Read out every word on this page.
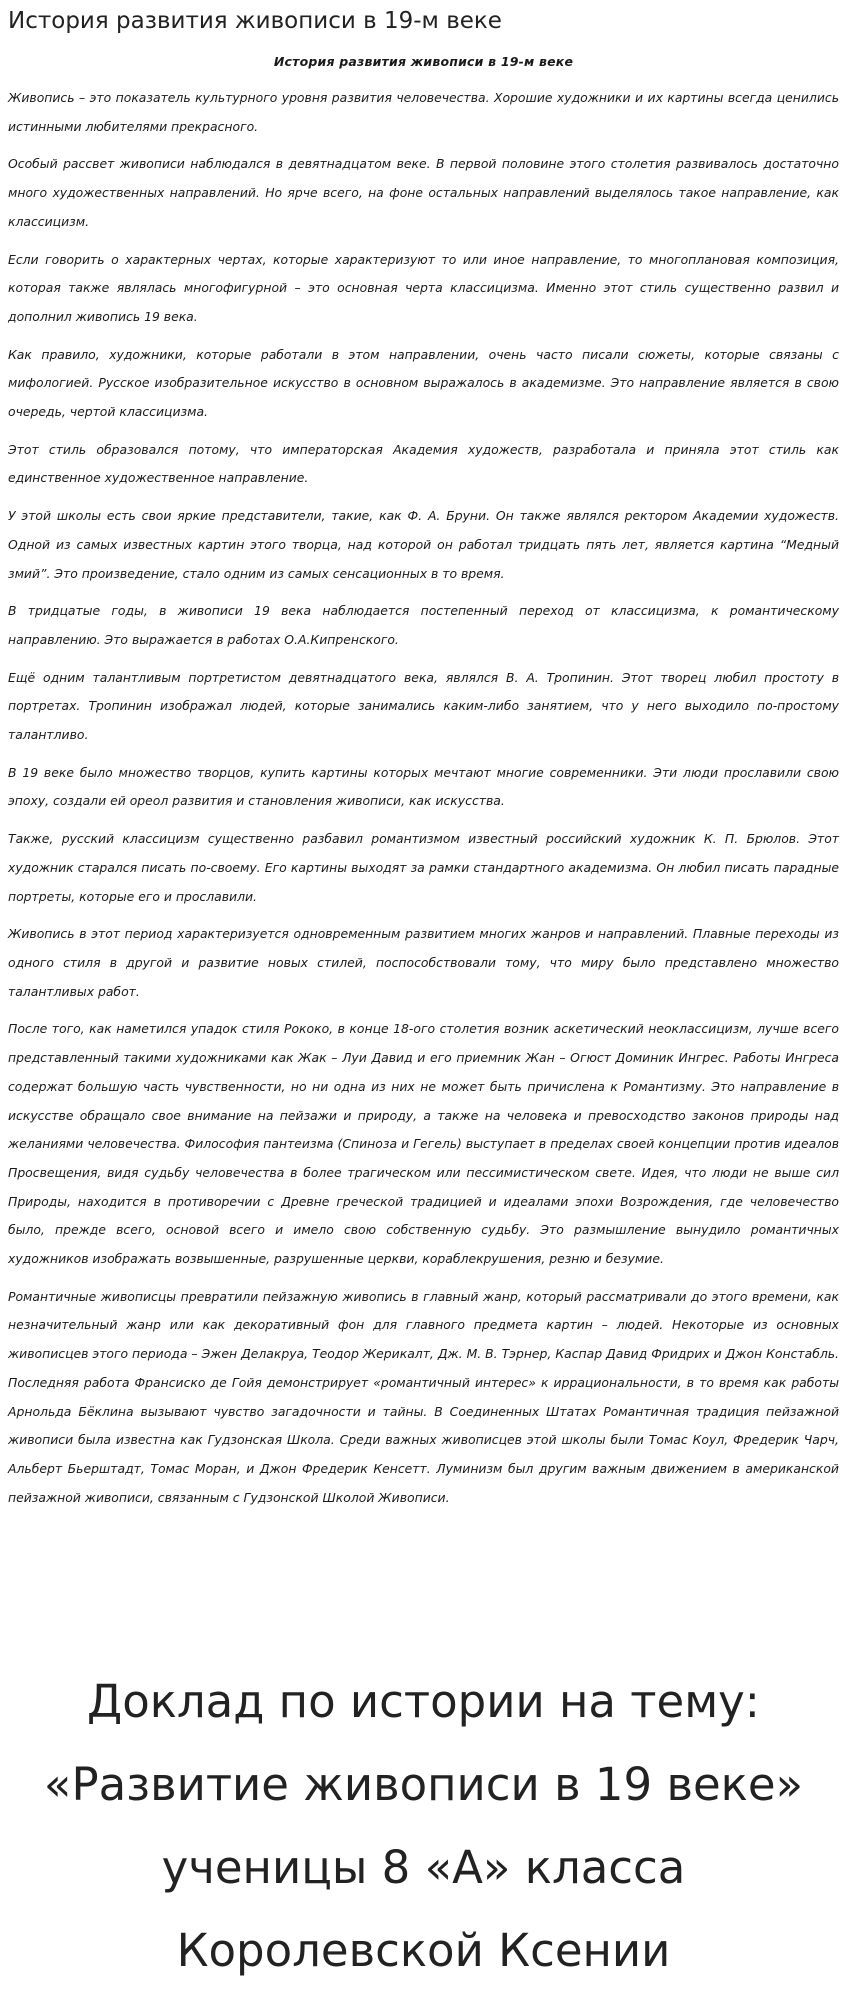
История развития живописи в 19-м веке
История развития живописи в 19-м веке

Живопись – это показатель культурного уровня развития человечества. Хорошие художники и их картины всегда ценились истинными любителями прекрасного.

Особый рассвет живописи наблюдался в девятнадцатом веке. В первой половине этого столетия развивалось достаточно много художественных направлений. Но ярче всего, на фоне остальных направлений выделялось такое направление, как классицизм.

Если говорить о характерных чертах, которые характеризуют то или иное направление, то многоплановая композиция, которая также являлась многофигурной – это основная черта классицизма. Именно этот стиль существенно развил и дополнил живопись 19 века.

Как правило, художники, которые работали в этом направлении, очень часто писали сюжеты, которые связаны с мифологией. Русское изобразительное искусство в основном выражалось в академизме. Это направление является в свою очередь, чертой классицизма.

Этот стиль образовался потому, что императорская Академия художеств, разработала и приняла этот стиль как единственное художественное направление.

У этой школы есть свои яркие представители, такие, как Ф. А. Бруни. Он также являлся ректором Академии художеств. Одной из самых известных картин этого творца, над которой он работал тридцать пять лет, является картина “Медный змий”. Это произведение, стало одним из самых сенсационных в то время.

В тридцатые годы, в живописи 19 века наблюдается постепенный переход от классицизма, к романтическому направлению. Это выражается в работах О.А.Кипренского.

Ещё одним талантливым портретистом девятнадцатого века, являлся В. А. Тропинин. Этот творец любил простоту в портретах. Тропинин изображал людей, которые занимались каким-либо занятием, что у него выходило по-простому талантливо.

В 19 веке было множество творцов, купить картины которых мечтают многие современники. Эти люди прославили свою эпоху, создали ей ореол развития и становления живописи, как искусства.

Также, русский классицизм существенно разбавил романтизмом известный российский художник К. П. Брюлов. Этот художник старался писать по-своему. Его картины выходят за рамки стандартного академизма. Он любил писать парадные портреты, которые его и прославили.

Живопись в этот период характеризуется одновременным развитием многих жанров и направлений. Плавные переходы из одного стиля в другой и развитие новых стилей, поспособствовали тому, что миру было представлено множество талантливых работ.

После того, как наметился упадок стиля Рококо, в конце 18-ого столетия возник аскетический неоклассицизм, лучше всего представленный такими художниками как Жак – Луи Давид и его приемник Жан – Огюст Доминик Ингрес. Работы Ингреса содержат большую часть чувственности, но ни одна из них не может быть причислена к Романтизму. Это направление в искусстве обращало свое внимание на пейзажи и природу, а также на человека и превосходство законов природы над желаниями человечества. Философия пантеизма (Спиноза и Гегель) выступает в пределах своей концепции против идеалов Просвещения, видя судьбу человечества в более трагическом или пессимистическом свете. Идея, что люди не выше сил Природы, находится в противоречии с Древне греческой традицией и идеалами эпохи Возрождения, где человечество было, прежде всего, основой всего и имело свою собственную судьбу. Это размышление вынудило романтичных художников изображать возвышенные, разрушенные церкви, кораблекрушения, резню и безумие.

Романтичные живописцы превратили пейзажную живопись в главный жанр, который рассматривали до этого времени, как незначительный жанр или как декоративный фон для главного предмета картин – людей. Некоторые из основных живописцев этого периода – Эжен Делакруа, Теодор Жерикалт, Дж. М. В. Тэрнер, Каспар Давид Фридрих и Джон Констабль. Последняя работа Франсиско де Гойя демонстрирует «романтичный интерес» к иррациональности, в то время как работы Арнольда Бёклина вызывают чувство загадочности и тайны. В Соединенных Штатах Романтичная традиция пейзажной живописи была известна как Гудзонская Школа. Среди важных живописцев этой школы были Томас Коул, Фредерик Чарч, Альберт Бьерштадт, Томас Моран, и Джон Фредерик Кенсетт. Луминизм был другим важным движением в американской пейзажной живописи, связанным с Гудзонской Школой Живописи.

Доклад по истории на тему:
«Развитие живописи в 19 веке»
ученицы 8 «А» класса
Королевской Ксении
